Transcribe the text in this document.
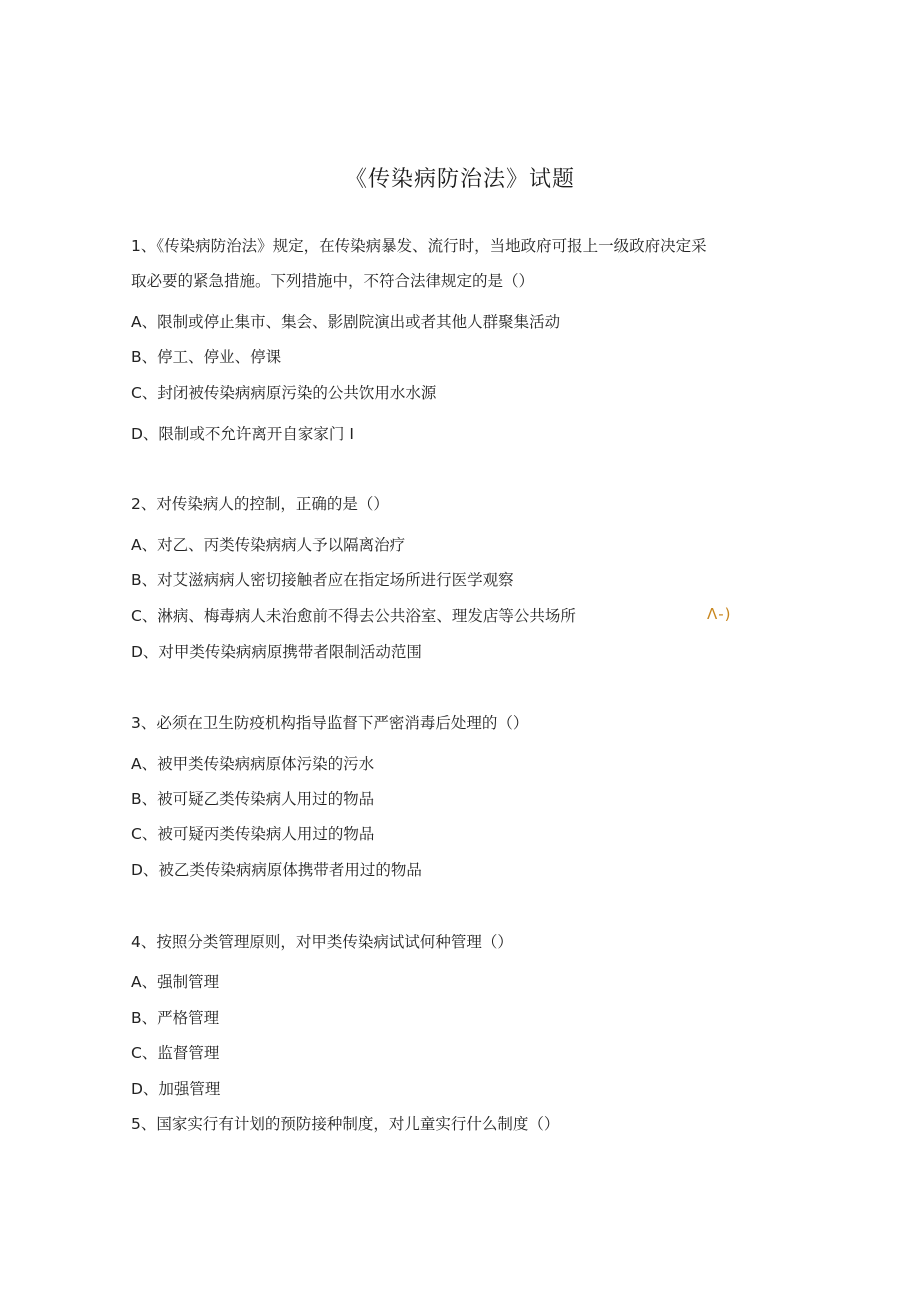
《传染病防治法》试题
1、《传染病防治法》规定，在传染病暴发、流行时，当地政府可报上一级政府决定采
取必要的紧急措施。下列措施中，不符合法律规定的是（）
A、限制或停止集市、集会、影剧院演出或者其他人群聚集活动
B、停工、停业、停课
C、封闭被传染病病原污染的公共饮用水水源
D、限制或不允许离开自家家门 I
2、对传染病人的控制，正确的是（）
A、对乙、丙类传染病病人予以隔离治疗
B、对艾滋病病人密切接触者应在指定场所进行医学观察
C、淋病、梅毒病人未治愈前不得去公共浴室、理发店等公共场所	Λ-)
D、对甲类传染病病原携带者限制活动范围
3、必须在卫生防疫机构指导监督下严密消毒后处理的（）
A、被甲类传染病病原体污染的污水
B、被可疑乙类传染病人用过的物品
C、被可疑丙类传染病人用过的物品
D、被乙类传染病病原体携带者用过的物品
4、按照分类管理原则，对甲类传染病试试何种管理（）
A、强制管理
B、严格管理
C、监督管理
D、加强管理
5、国家实行有计划的预防接种制度，对儿童实行什么制度（）
